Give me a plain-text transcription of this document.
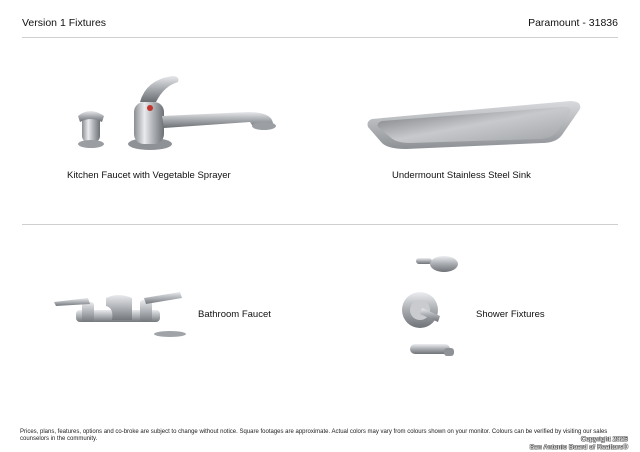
Version 1 Fixtures	Paramount - 31836
Kitchen Faucet with Vegetable Sprayer	Undermount Stainless Steel Sink
Bathroom Faucet	Shower Fixtures
Prices, plans, features, options and co-broke are subject to change without notice. Square footages are approximate. Actual colors may vary from colours shown on your monitor. Colours can be verified by visiting our sales counselors in the community.	Copyright 2025
San Antonio Board of Realtors®
